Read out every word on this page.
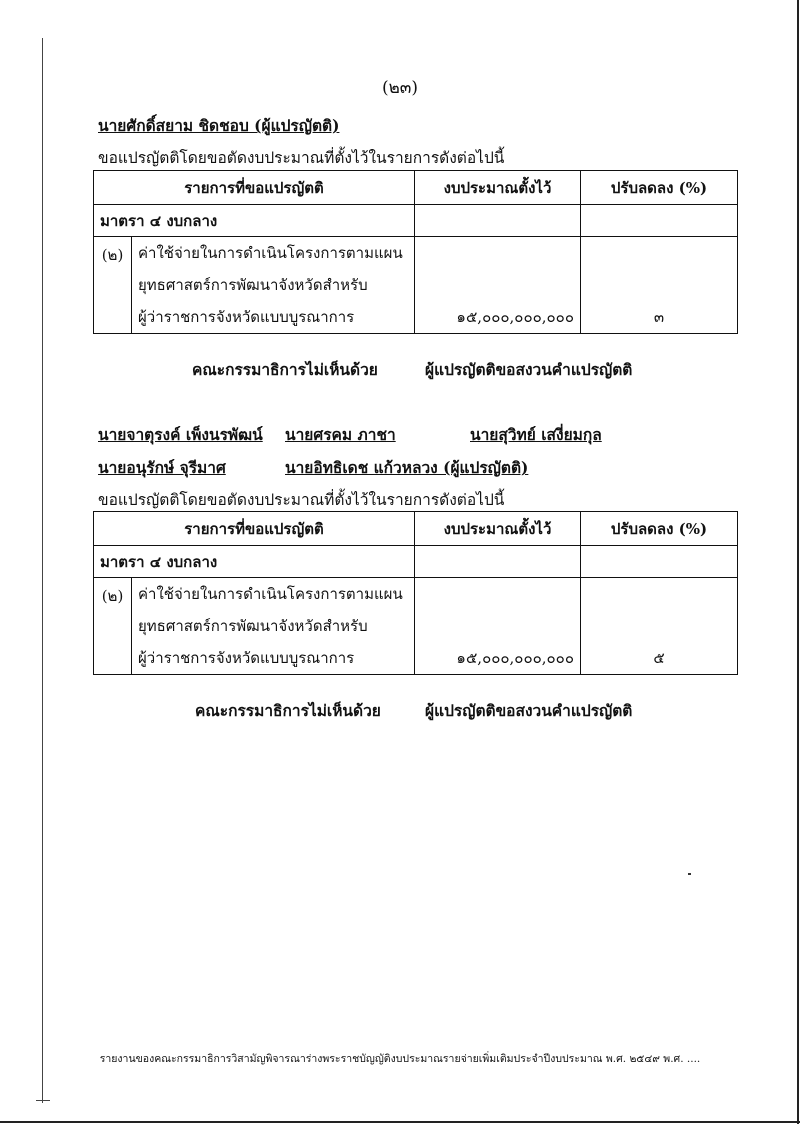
(๒๓)
นายศักดิ์สยาม ชิดชอบ (ผู้แปรญัตติ)
ขอแปรญัตติโดยขอตัดงบประมาณที่ตั้งไว้ในรายการดังต่อไปนี้
รายการที่ขอแปรญัตติ		งบประมาณตั้งไว้	ปรับลดลง (%)
มาตรา ๔ งบกลาง			
(๒)	ค่าใช้จ่ายในการดำเนินโครงการตามแผน
ยุทธศาสตร์การพัฒนาจังหวัดสำหรับ
ผู้ว่าราชการจังหวัดแบบบูรณาการ	๑๕,๐๐๐,๐๐๐,๐๐๐	๓
คณะกรรมาธิการไม่เห็นด้วย	ผู้แปรญัตติขอสงวนคำแปรญัตติ
นายจาตุรงค์ เพ็งนรพัฒน์ นายศรคม ภาชา	นายสุวิทย์ เสงี่ยมกุล
นายอนุรักษ์ จุรีมาศ	นายอิทธิเดช แก้วหลวง (ผู้แปรญัตติ)
ขอแปรญัตติโดยขอตัดงบประมาณที่ตั้งไว้ในรายการดังต่อไปนี้
รายการที่ขอแปรญัตติ		งบประมาณตั้งไว้	ปรับลดลง (%)
มาตรา ๔ งบกลาง			
(๒)	ค่าใช้จ่ายในการดำเนินโครงการตามแผน
ยุทธศาสตร์การพัฒนาจังหวัดสำหรับ
ผู้ว่าราชการจังหวัดแบบบูรณาการ	๑๕,๐๐๐,๐๐๐,๐๐๐	๕
คณะกรรมาธิการไม่เห็นด้วย	ผู้แปรญัตติขอสงวนคำแปรญัตติ
รายงานของคณะกรรมาธิการวิสามัญพิจารณาร่างพระราชบัญญัติงบประมาณรายจ่ายเพิ่มเติมประจำปีงบประมาณ พ.ศ. ๒๕๔๙ พ.ศ. ....
